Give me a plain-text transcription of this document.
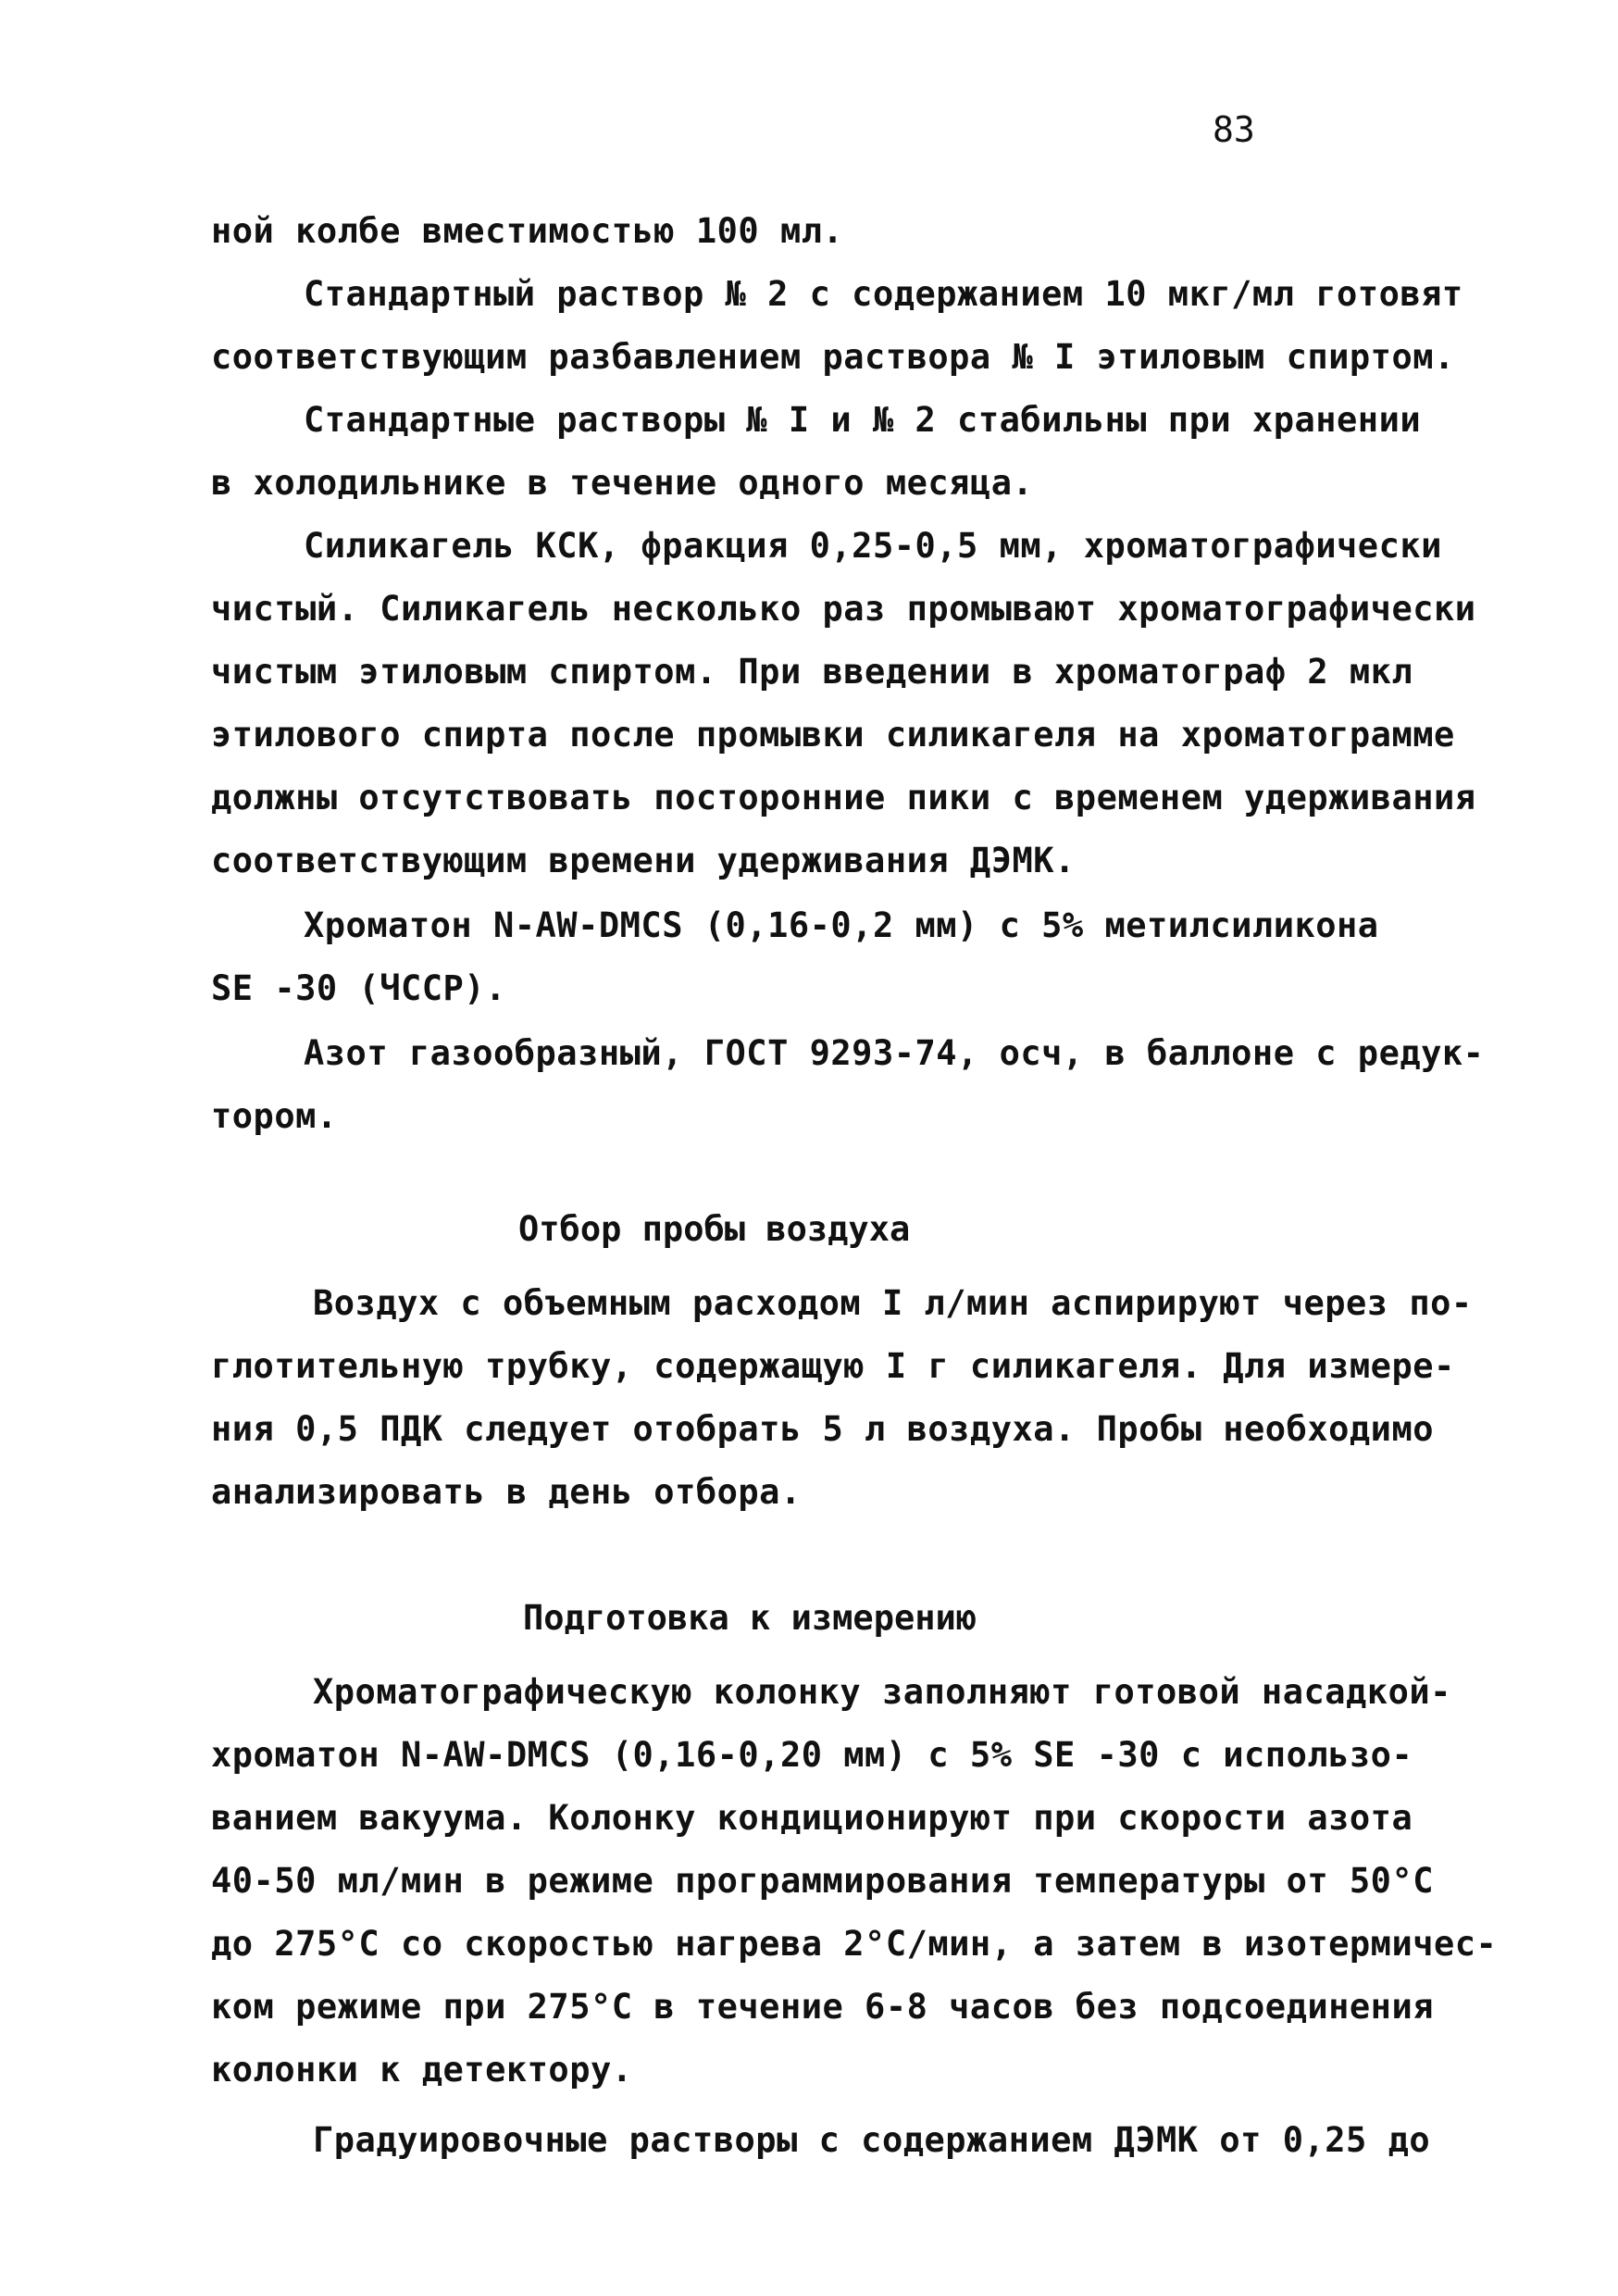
83
ной колбе вместимостью 100 мл.
Стандартный раствор № 2 с содержанием 10 мкг/мл готовят
соответствующим разбавлением раствора № I этиловым спиртом.
Стандартные растворы № I и № 2 стабильны при хранении
в холодильнике в течение одного месяца.
Силикагель КСК, фракция 0,25-0,5 мм, хроматографически
чистый. Силикагель несколько раз промывают хроматографически
чистым этиловым спиртом. При введении в хроматограф 2 мкл
этилового спирта после промывки силикагеля на хроматограмме
должны отсутствовать посторонние пики с временем удерживания
соответствующим времени удерживания ДЭМК.
Хроматон N-AW-DMCS (0,16-0,2 мм) с 5% метилсиликона
SE -30 (ЧССР).
Азот газообразный, ГОСТ 9293-74, осч, в баллоне с редук-
тором.
Отбор пробы воздуха
Воздух с объемным расходом I л/мин аспирируют через по-
глотительную трубку, содержащую I г силикагеля. Для измере-
ния 0,5 ПДК следует отобрать 5 л воздуха. Пробы необходимо
анализировать в день отбора.
Подготовка к измерению
Хроматографическую колонку заполняют готовой насадкой-
хроматон N-AW-DMCS (0,16-0,20 мм) с 5% SE -30 с использо-
ванием вакуума. Колонку кондиционируют при скорости азота
40-50 мл/мин в режиме программирования температуры от 50°С
до 275°С со скоростью нагрева 2°С/мин, а затем в изотермичес-
ком режиме при 275°С в течение 6-8 часов без подсоединения
колонки к детектору.
Градуировочные растворы с содержанием ДЭМК от 0,25 до
